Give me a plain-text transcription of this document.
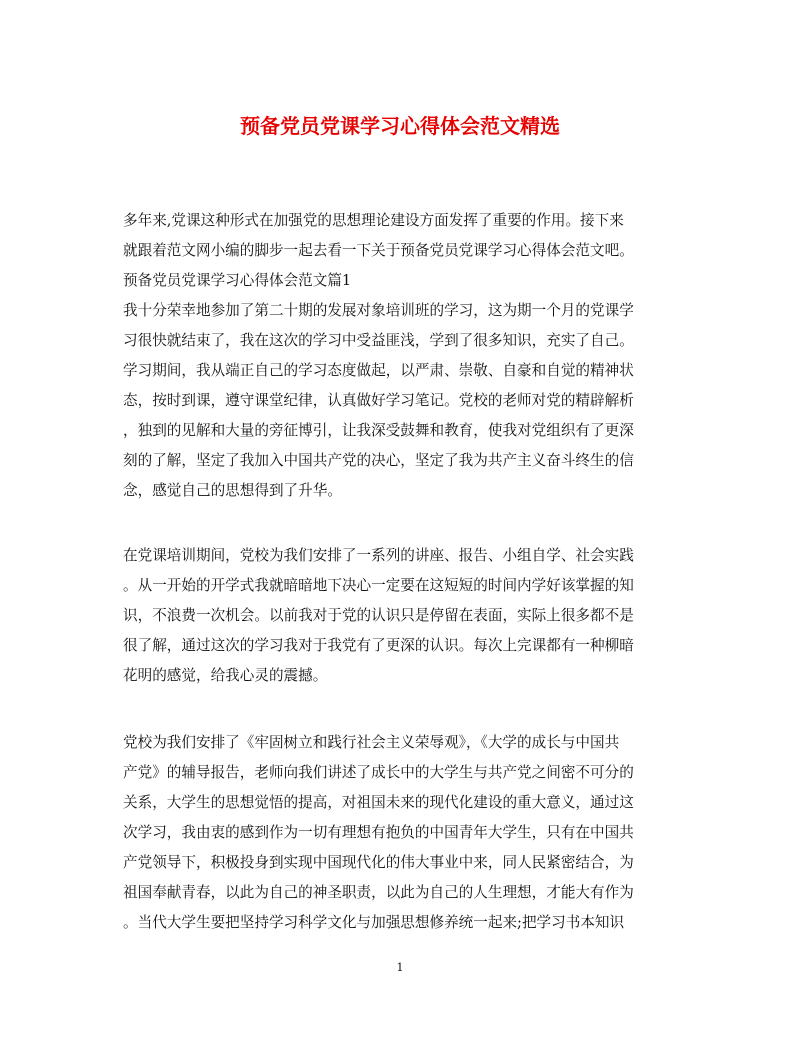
预备党员党课学习心得体会范文精选
多年来,党课这种形式在加强党的思想理论建设方面发挥了重要的作用。接下来
就跟着范文网小编的脚步一起去看一下关于预备党员党课学习心得体会范文吧。
预备党员党课学习心得体会范文篇1
我十分荣幸地参加了第二十期的发展对象培训班的学习，这为期一个月的党课学
习很快就结束了，我在这次的学习中受益匪浅，学到了很多知识，充实了自己。
学习期间，我从端正自己的学习态度做起，以严肃、崇敬、自豪和自觉的精神状
态，按时到课，遵守课堂纪律，认真做好学习笔记。党校的老师对党的精辟解析
，独到的见解和大量的旁征博引，让我深受鼓舞和教育，使我对党组织有了更深
刻的了解，坚定了我加入中国共产党的决心，坚定了我为共产主义奋斗终生的信
念，感觉自己的思想得到了升华。
在党课培训期间，党校为我们安排了一系列的讲座、报告、小组自学、社会实践
。从一开始的开学式我就暗暗地下决心一定要在这短短的时间内学好该掌握的知
识，不浪费一次机会。以前我对于党的认识只是停留在表面，实际上很多都不是
很了解，通过这次的学习我对于我党有了更深的认识。每次上完课都有一种柳暗
花明的感觉，给我心灵的震撼。
党校为我们安排了《牢固树立和践行社会主义荣辱观》，《大学的成长与中国共
产党》的辅导报告，老师向我们讲述了成长中的大学生与共产党之间密不可分的
关系，大学生的思想觉悟的提高，对祖国未来的现代化建设的重大意义，通过这
次学习，我由衷的感到作为一切有理想有抱负的中国青年大学生，只有在中国共
产党领导下，积极投身到实现中国现代化的伟大事业中来，同人民紧密结合，为
祖国奉献青春，以此为自己的神圣职责，以此为自己的人生理想，才能大有作为
。当代大学生要把坚持学习科学文化与加强思想修养统一起来;把学习书本知识
1
